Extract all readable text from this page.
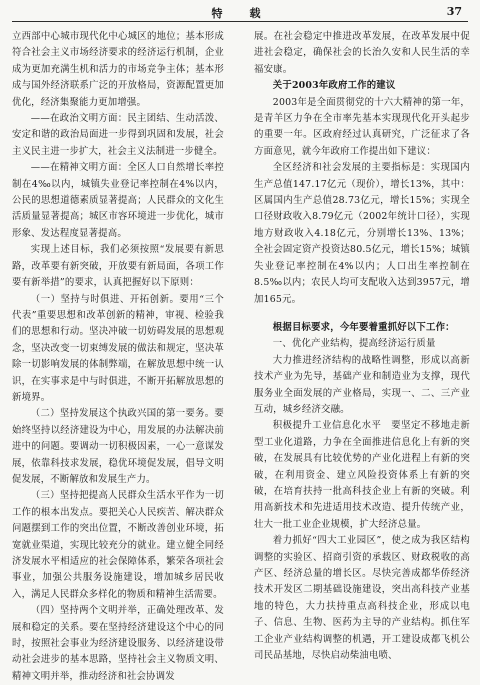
特　载	37

立西部中心城市现代化中心城区的地位；基本形成符合社会主义市场经济要求的经济运行机制，企业成为更加充满生机和活力的市场竞争主体；基本形成与国外经济联系广泛的开放格局，资源配置更加优化，经济集聚能力更加增强。

——在政治文明方面：民主团结、生动活泼、安定和谐的政治局面进一步得到巩固和发展，社会主义民主进一步扩大，社会主义法制进一步健全。

——在精神文明方面：全区人口自然增长率控制在4‰以内，城镇失业登记率控制在4%以内，公民的思想道德素质显著提高；人民群众的文化生活质量显著提高；城区市容环境进一步优化，城市形象、发达程度显著提高。

实现上述目标，我们必须按照“发展要有新思路，改革要有新突破，开放要有新局面，各项工作要有新举措”的要求，认真把握好以下原则：

（一）坚持与时俱进、开拓创新。要用“三个代表”重要思想和改革创新的精神，审视、检验我们的思想和行动。坚决冲破一切妨碍发展的思想观念，坚决改变一切束缚发展的做法和规定，坚决革除一切影响发展的体制弊端，在解放思想中统一认识，在实事求是中与时俱进，不断开拓解放思想的新境界。

（二）坚持发展这个执政兴国的第一要务。要始终坚持以经济建设为中心，用发展的办法解决前进中的问题。要调动一切积极因素，一心一意谋发展，依靠科技求发展，稳优环境促发展，倡导文明促发展，不断解放和发展生产力。

（三）坚持把提高人民群众生活水平作为一切工作的根本出发点。要把关心人民疾苦、解决群众问题摆到工作的突出位置，不断改善创业环境，拓宽就业渠道，实现比较充分的就业。建立健全同经济发展水平相适应的社会保障体系，繁荣各项社会事业，加强公共服务设施建设，增加城乡居民收入，满足人民群众多样化的物质和精神生活需要。

（四）坚持两个文明并举，正确处理改革、发展和稳定的关系。要在坚持经济建设这个中心的同时，按照社会事业为经济建设服务、以经济建设带动社会进步的基本思路，坚持社会主义物质文明、精神文明并举，推动经济和社会协调发

展。在社会稳定中推进改革发展，在改革发展中促进社会稳定，确保社会的长治久安和人民生活的幸福安康。

关于2003年政府工作的建议

2003年是全面贯彻党的十六大精神的第一年，是青羊区力争在全市率先基本实现现代化开头起步的重要一年。区政府经过认真研究，广泛征求了各方面意见，就今年政府工作提出如下建议：

全区经济和社会发展的主要指标是：实现国内生产总值147.17亿元（现价），增长13%，其中：区属国内生产总值28.73亿元，增长15%；实现全口径财政收入8.79亿元（2002年统计口径），实现地方财政收入4.18亿元，分别增长13%、13%；全社会固定资产投资达80.5亿元，增长15%；城镇失业登记率控制在4%以内；人口出生率控制在8.5‰以内；农民人均可支配收入达到3957元，增加165元。

根据目标要求，今年要着重抓好以下工作：

一、优化产业结构，提高经济运行质量

大力推进经济结构的战略性调整，形成以高新技术产业为先导，基础产业和制造业为支撑，现代服务业全面发展的产业格局，实现一、二、三产业互动，城乡经济交融。

积极提升工业信息化水平　要坚定不移地走新型工业化道路，力争在全面推进信息化上有新的突破，在发展具有比较优势的产业化进程上有新的突破，在利用资金、建立风险投资体系上有新的突破，在培育扶持一批高科技企业上有新的突破。利用高新技术和先进适用技术改造、提升传统产业，壮大一批工业企业规模，扩大经济总量。

着力抓好“四大工业园区”，使之成为我区结构调整的实验区、招商引资的承载区、财政税收的高产区、经济总量的增长区。尽快完善成都华侨经济技术开发区二期基础设施建设，突出高科技产业基地的特色，大力扶持重点高科技企业，形成以电子、信息、生物、医药为主导的产业结构。抓住军工企业产业结构调整的机遇，开工建设成都飞机公司民品基地，尽快启动柴油电喷、
